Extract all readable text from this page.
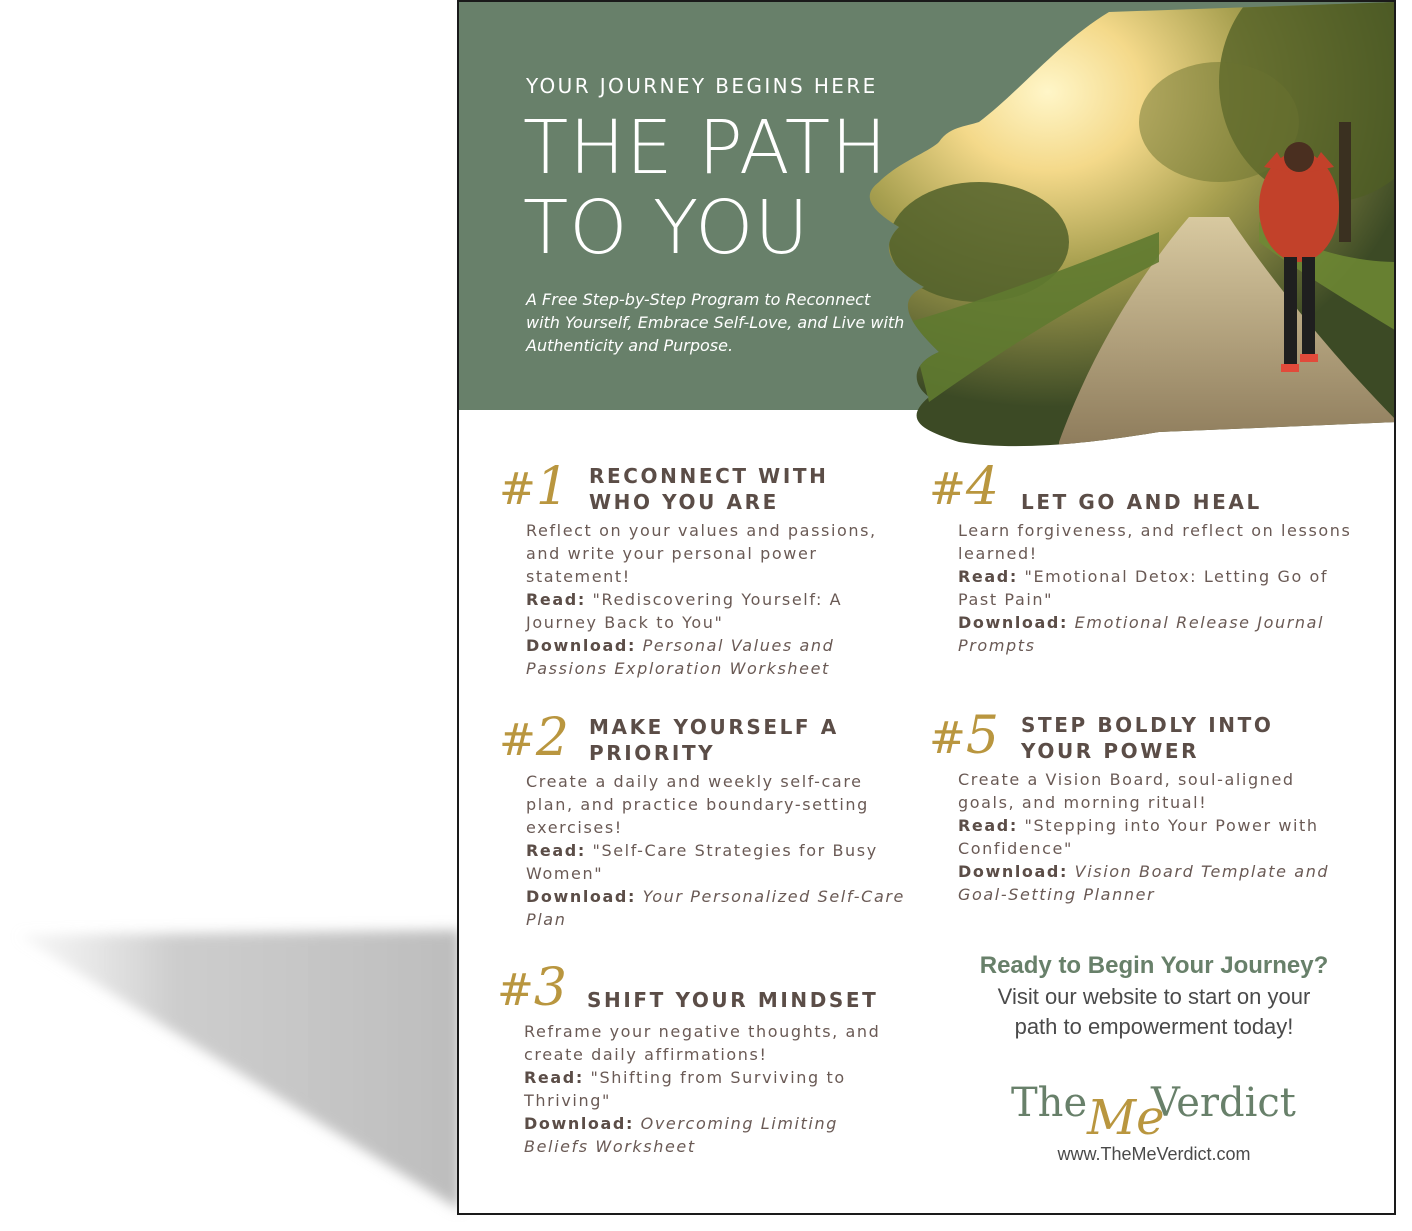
YOUR JOURNEY BEGINS HERE
THE PATH
TO YOU

A Free Step-by-Step Program to Reconnect with Yourself, Embrace Self-Love, and Live with Authenticity and Purpose.

#1 RECONNECT WITH
WHO YOU ARE

Reflect on your values and passions, and write your personal power statement!
Read: "Rediscovering Yourself: A Journey Back to You"
Download: Personal Values and Passions Exploration Worksheet

#2 MAKE YOURSELF A
PRIORITY

Create a daily and weekly self-care plan, and practice boundary-setting exercises!
Read: "Self-Care Strategies for Busy Women"
Download: Your Personalized Self-Care Plan

#3 SHIFT YOUR MINDSET

Reframe your negative thoughts, and create daily affirmations!
Read: "Shifting from Surviving to Thriving"
Download: Overcoming Limiting Beliefs Worksheet

#4 LET GO AND HEAL

Learn forgiveness, and reflect on lessons learned!
Read: "Emotional Detox: Letting Go of Past Pain"
Download: Emotional Release Journal Prompts

#5 STEP BOLDLY INTO
YOUR POWER

Create a Vision Board, soul-aligned goals, and morning ritual!
Read: "Stepping into Your Power with Confidence"
Download: Vision Board Template and Goal-Setting Planner

Ready to Begin Your Journey?

Visit our website to start on your

path to empowerment today!

The Me
Verdict
www.TheMeVerdict.com
